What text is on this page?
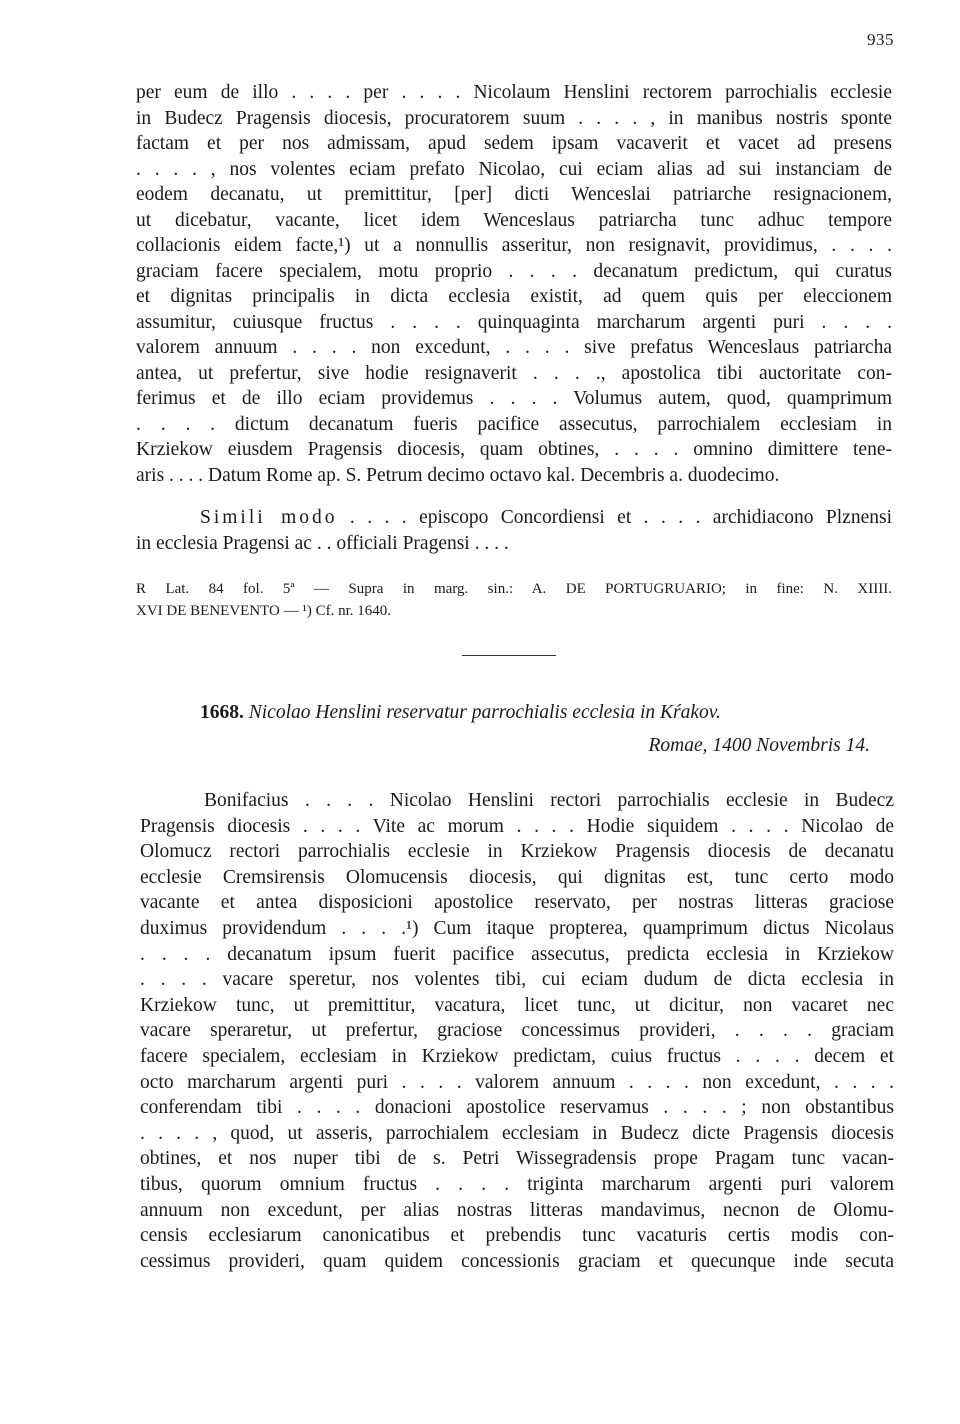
935
per eum de illo . . . . per . . . . Nicolaum Henslini rectorem parrochialis ecclesie
in Budecz Pragensis diocesis, procuratorem suum . . . . , in manibus nostris sponte
factam et per nos admissam, apud sedem ipsam vacaverit et vacet ad presens
. . . . , nos volentes eciam prefato Nicolao, cui eciam alias ad sui instanciam de
eodem decanatu, ut premittitur, [per] dicti Wenceslai patriarche resignacionem,
ut dicebatur, vacante, licet idem Wenceslaus patriarcha tunc adhuc tempore
collacionis eidem facte,¹) ut a nonnullis asseritur, non resignavit, providimus, . . . .
graciam facere specialem, motu proprio . . . . decanatum predictum, qui curatus
et dignitas principalis in dicta ecclesia existit, ad quem quis per eleccionem
assumitur, cuiusque fructus . . . . quinquaginta marcharum argenti puri . . . .
valorem annuum . . . . non excedunt, . . . . sive prefatus Wenceslaus patriarcha
antea, ut prefertur, sive hodie resignaverit . . . ., apostolica tibi auctoritate con-
ferimus et de illo eciam providemus . . . . Volumus autem, quod, quamprimum
. . . . dictum decanatum fueris pacifice assecutus, parrochialem ecclesiam in
Krziekow eiusdem Pragensis diocesis, quam obtines, . . . . omnino dimittere tene-
aris . . . . Datum Rome ap. S. Petrum decimo octavo kal. Decembris a. duodecimo.
Simili modo . . . . episcopo Concordiensi et . . . . archidiacono Plznensi
in ecclesia Pragensi ac . . officiali Pragensi . . . .
R Lat. 84 fol. 5ª — Supra in marg. sin.: A. DE PORTUGRUARIO; in fine: N. XIIII.
XVI DE BENEVENTO — ¹) Cf. nr. 1640.
1668. Nicolao Henslini reservatur parrochialis ecclesia in Kŕakov.
Romae, 1400 Novembris 14.
Bonifacius . . . . Nicolao Henslini rectori parrochialis ecclesie in Budecz
Pragensis diocesis . . . . Vite ac morum . . . . Hodie siquidem . . . . Nicolao de
Olomucz rectori parrochialis ecclesie in Krziekow Pragensis diocesis de decanatu
ecclesie Cremsirensis Olomucensis diocesis, qui dignitas est, tunc certo modo
vacante et antea disposicioni apostolice reservato, per nostras litteras graciose
duximus providendum . . . .¹) Cum itaque propterea, quamprimum dictus Nicolaus
. . . . decanatum ipsum fuerit pacifice assecutus, predicta ecclesia in Krziekow
. . . . vacare speretur, nos volentes tibi, cui eciam dudum de dicta ecclesia in
Krziekow tunc, ut premittitur, vacatura, licet tunc, ut dicitur, non vacaret nec
vacare speraretur, ut prefertur, graciose concessimus provideri, . . . . graciam
facere specialem, ecclesiam in Krziekow predictam, cuius fructus . . . . decem et
octo marcharum argenti puri . . . . valorem annuum . . . . non excedunt, . . . .
conferendam tibi . . . . donacioni apostolice reservamus . . . . ; non obstantibus
. . . . , quod, ut asseris, parrochialem ecclesiam in Budecz dicte Pragensis diocesis
obtines, et nos nuper tibi de s. Petri Wissegradensis prope Pragam tunc vacan-
tibus, quorum omnium fructus . . . . triginta marcharum argenti puri valorem
annuum non excedunt, per alias nostras litteras mandavimus, necnon de Olomu-
censis ecclesiarum canonicatibus et prebendis tunc vacaturis certis modis con-
cessimus provideri, quam quidem concessionis graciam et quecunque inde secuta
